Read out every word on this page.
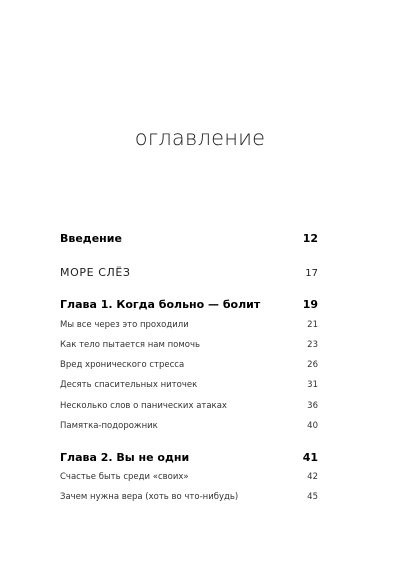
оглавление
Введение	12
МОРЕ СЛЁЗ	17
Глава 1. Когда больно — болит	19
Мы все через это проходили	21
Как тело пытается нам помочь	23
Вред хронического стресса	26
Десять спасительных ниточек	31
Несколько слов о панических атаках	36
Памятка-подорожник	40
Глава 2. Вы не одни	41
Счастье быть среди «своих»	42
Зачем нужна вера (хоть во что-нибудь)	45
